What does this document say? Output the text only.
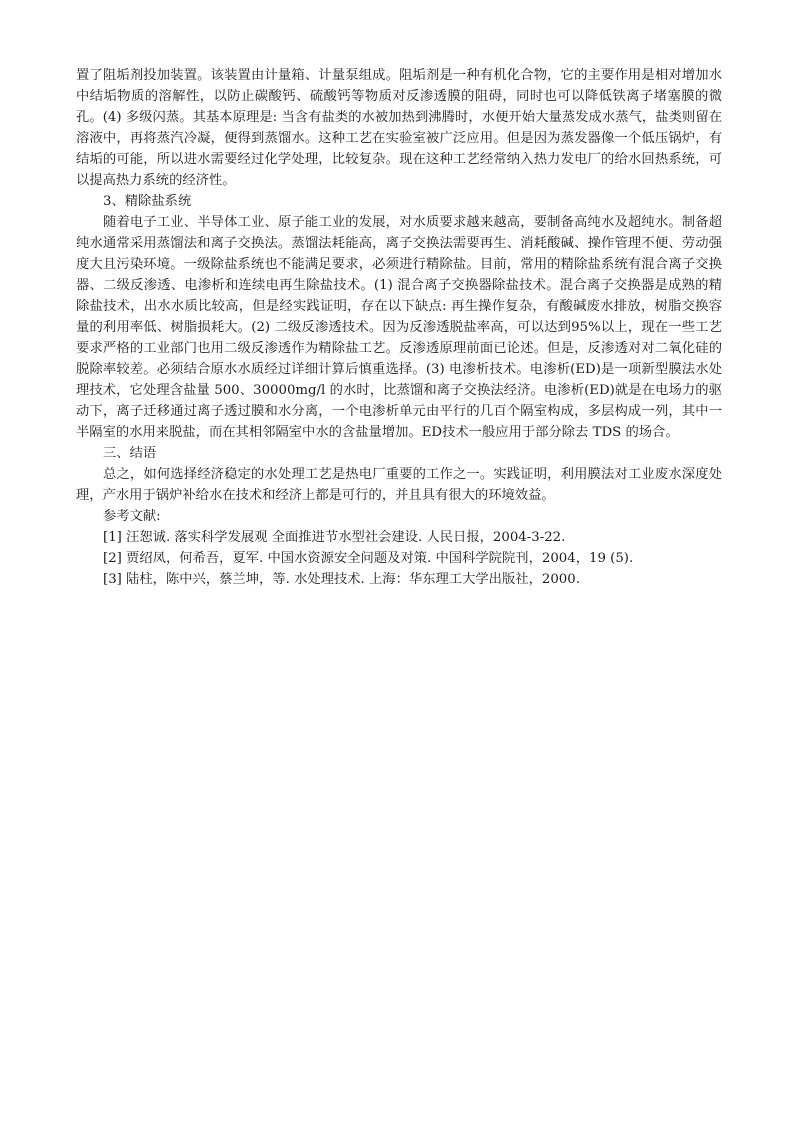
置了阻垢剂投加装置。该装置由计量箱、计量泵组成。阻垢剂是一种有机化合物，它的主要作用是相对增加水中结垢物质的溶解性，以防止碳酸钙、硫酸钙等物质对反渗透膜的阻碍，同时也可以降低铁离子堵塞膜的微孔。(4) 多级闪蒸。其基本原理是: 当含有盐类的水被加热到沸腾时，水便开始大量蒸发成水蒸气，盐类则留在溶液中，再将蒸汽冷凝，便得到蒸馏水。这种工艺在实验室被广泛应用。但是因为蒸发器像一个低压锅炉，有结垢的可能，所以进水需要经过化学处理，比较复杂。现在这种工艺经常纳入热力发电厂的给水回热系统，可以提高热力系统的经济性。

3、精除盐系统

随着电子工业、半导体工业、原子能工业的发展，对水质要求越来越高，要制备高纯水及超纯水。制备超纯水通常采用蒸馏法和离子交换法。蒸馏法耗能高，离子交换法需要再生、消耗酸碱、操作管理不便、劳动强度大且污染环境。一级除盐系统也不能满足要求，必须进行精除盐。目前，常用的精除盐系统有混合离子交换器、二级反渗透、电渗析和连续电再生除盐技术。(1) 混合离子交换器除盐技术。混合离子交换器是成熟的精除盐技术，出水水质比较高，但是经实践证明，存在以下缺点: 再生操作复杂，有酸碱废水排放，树脂交换容量的利用率低、树脂损耗大。(2) 二级反渗透技术。因为反渗透脱盐率高，可以达到95%以上，现在一些工艺要求严格的工业部门也用二级反渗透作为精除盐工艺。反渗透原理前面已论述。但是，反渗透对对二氧化硅的脱除率较差。必须结合原水水质经过详细计算后慎重选择。(3) 电渗析技术。电渗析(ED)是一项新型膜法水处理技术，它处理含盐量 500、30000mg/l 的水时，比蒸馏和离子交换法经济。电渗析(ED)就是在电场力的驱动下，离子迁移通过离子透过膜和水分离，一个电渗析单元由平行的几百个隔室构成，多层构成一列，其中一半隔室的水用来脱盐，而在其相邻隔室中水的含盐量增加。ED技术一般应用于部分除去 TDS 的场合。

三、结语

总之，如何选择经济稳定的水处理工艺是热电厂重要的工作之一。实践证明，利用膜法对工业废水深度处理，产水用于锅炉补给水在技术和经济上都是可行的，并且具有很大的环境效益。

参考文献:

[1] 汪恕诚. 落实科学发展观 全面推进节水型社会建设. 人民日报，2004-3-22.

[2] 贾绍凤，何希吾，夏军. 中国水资源安全问题及对策. 中国科学院院刊，2004，19 (5).

[3] 陆柱，陈中兴，蔡兰坤，等. 水处理技术. 上海：华东理工大学出版社，2000.
